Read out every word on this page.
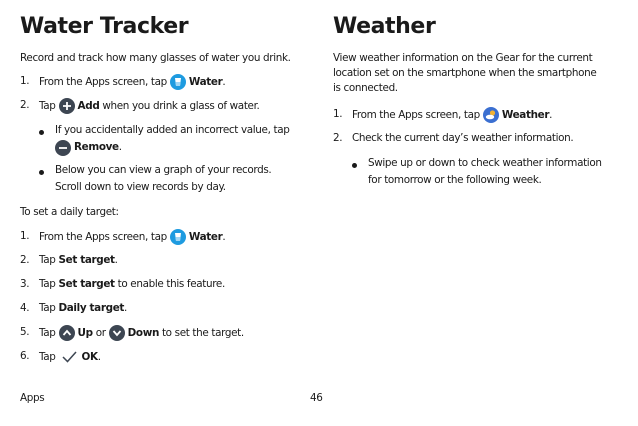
Water Tracker
Record and track how many glasses of water you drink.
1. From the Apps screen, tap Water .
2. Tap Add
when you drink a glass of water.
If you accidentally added an incorrect value, tap
Remove .
Below you can view a graph of your records.
Scroll down to view records by day.
To set a daily target:
1. From the Apps screen, tap Water .
2. Tap
Set target .
3. Tap
Set target
to enable this feature.
4. Tap
Daily target .
5. Tap Up
or Down
to set the target.
6. Tap	OK .
Apps	46
Weather
View weather information on the Gear for the current
location set on the smartphone when the smartphone
is connected.
1. From the Apps screen, tap Weather .
2. Check the current day’s weather information.
Swipe up or down to check weather information
for tomorrow or the following week.
